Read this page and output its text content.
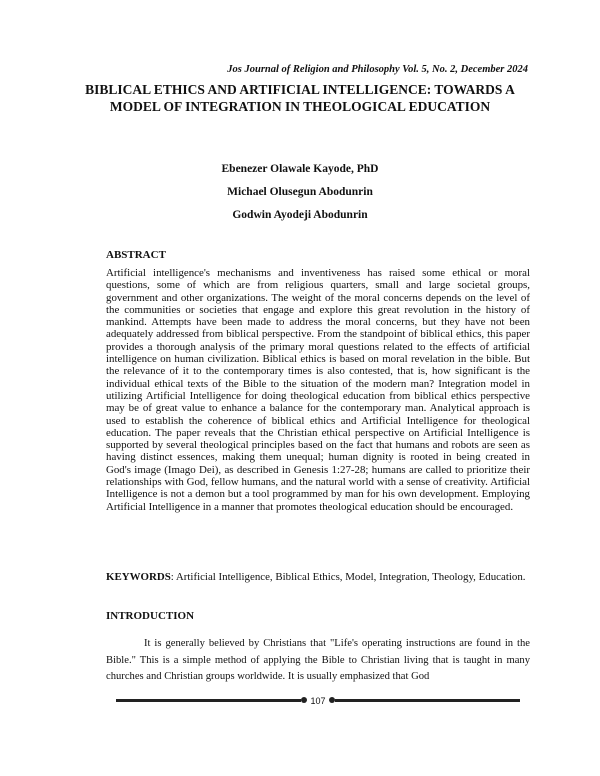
Jos Journal of Religion and Philosophy Vol. 5, No. 2, December 2024
BIBLICAL ETHICS AND ARTIFICIAL INTELLIGENCE: TOWARDS A MODEL OF INTEGRATION IN THEOLOGICAL EDUCATION
Ebenezer Olawale Kayode, PhD
Michael Olusegun Abodunrin
Godwin Ayodeji Abodunrin
ABSTRACT
Artificial intelligence's mechanisms and inventiveness has raised some ethical or moral questions, some of which are from religious quarters, small and large societal groups, government and other organizations. The weight of the moral concerns depends on the level of the communities or societies that engage and explore this great revolution in the history of mankind. Attempts have been made to address the moral concerns, but they have not been adequately addressed from biblical perspective. From the standpoint of biblical ethics, this paper provides a thorough analysis of the primary moral questions related to the effects of artificial intelligence on human civilization. Biblical ethics is based on moral revelation in the bible. But the relevance of it to the contemporary times is also contested, that is, how significant is the individual ethical texts of the Bible to the situation of the modern man? Integration model in utilizing Artificial Intelligence for doing theological education from biblical ethics perspective may be of great value to enhance a balance for the contemporary man. Analytical approach is used to establish the coherence of biblical ethics and Artificial Intelligence for theological education. The paper reveals that the Christian ethical perspective on Artificial Intelligence is supported by several theological principles based on the fact that humans and robots are seen as having distinct essences, making them unequal; human dignity is rooted in being created in God's image (Imago Dei), as described in Genesis 1:27-28; humans are called to prioritize their relationships with God, fellow humans, and the natural world with a sense of creativity. Artificial Intelligence is not a demon but a tool programmed by man for his own development. Employing Artificial Intelligence in a manner that promotes theological education should be encouraged.
KEYWORDS: Artificial Intelligence, Biblical Ethics, Model, Integration, Theology, Education.
INTRODUCTION
It is generally believed by Christians that "Life's operating instructions are found in the Bible." This is a simple method of applying the Bible to Christian living that is taught in many churches and Christian groups worldwide. It is usually emphasized that God
107
